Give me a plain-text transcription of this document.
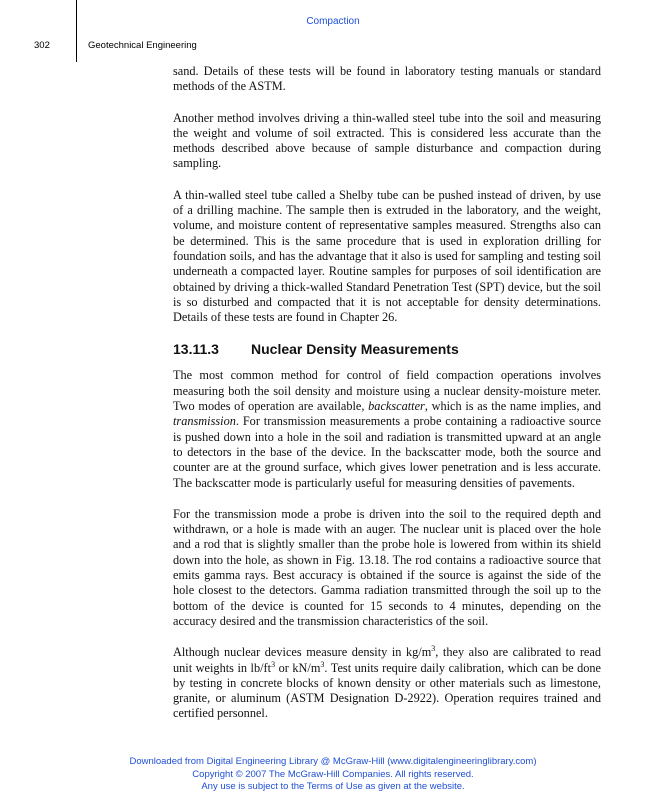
Compaction
302	Geotechnical Engineering

sand. Details of these tests will be found in laboratory testing manuals or standard methods of the ASTM.

Another method involves driving a thin-walled steel tube into the soil and measuring the weight and volume of soil extracted. This is considered less accurate than the methods described above because of sample disturbance and compaction during sampling.

A thin-walled steel tube called a Shelby tube can be pushed instead of driven, by use of a drilling machine. The sample then is extruded in the laboratory, and the weight, volume, and moisture content of representative samples measured. Strengths also can be determined. This is the same procedure that is used in exploration drilling for foundation soils, and has the advantage that it also is used for sampling and testing soil underneath a compacted layer. Routine samples for purposes of soil identification are obtained by driving a thick-walled Standard Penetration Test (SPT) device, but the soil is so disturbed and compacted that it is not acceptable for density determinations. Details of these tests are found in Chapter 26.

13.11.3 Nuclear Density Measurements

The most common method for control of field compaction operations involves measuring both the soil density and moisture using a nuclear density-moisture meter. Two modes of operation are available, backscatter, which is as the name implies, and transmission. For transmission measurements a probe containing a radioactive source is pushed down into a hole in the soil and radiation is transmitted upward at an angle to detectors in the base of the device. In the backscatter mode, both the source and counter are at the ground surface, which gives lower penetration and is less accurate. The backscatter mode is particularly useful for measuring densities of pavements.

For the transmission mode a probe is driven into the soil to the required depth and withdrawn, or a hole is made with an auger. The nuclear unit is placed over the hole and a rod that is slightly smaller than the probe hole is lowered from within its shield down into the hole, as shown in Fig. 13.18. The rod contains a radioactive source that emits gamma rays. Best accuracy is obtained if the source is against the side of the hole closest to the detectors. Gamma radiation transmitted through the soil up to the bottom of the device is counted for 15 seconds to 4 minutes, depending on the accuracy desired and the transmission characteristics of the soil.

Although nuclear devices measure density in $kg/m^3$, they also are calibrated to read unit weights in $lb/ft^3$ or $kN/m^3$. Test units require daily calibration, which can be done by testing in concrete blocks of known density or other materials such as limestone, granite, or aluminum (ASTM Designation D-2922). Operation requires trained and certified personnel.

Downloaded from Digital Engineering Library @ McGraw-Hill (www.digitalengineeringlibrary.com)
Copyright © 2007 The McGraw-Hill Companies. All rights reserved.
Any use is subject to the Terms of Use as given at the website.
